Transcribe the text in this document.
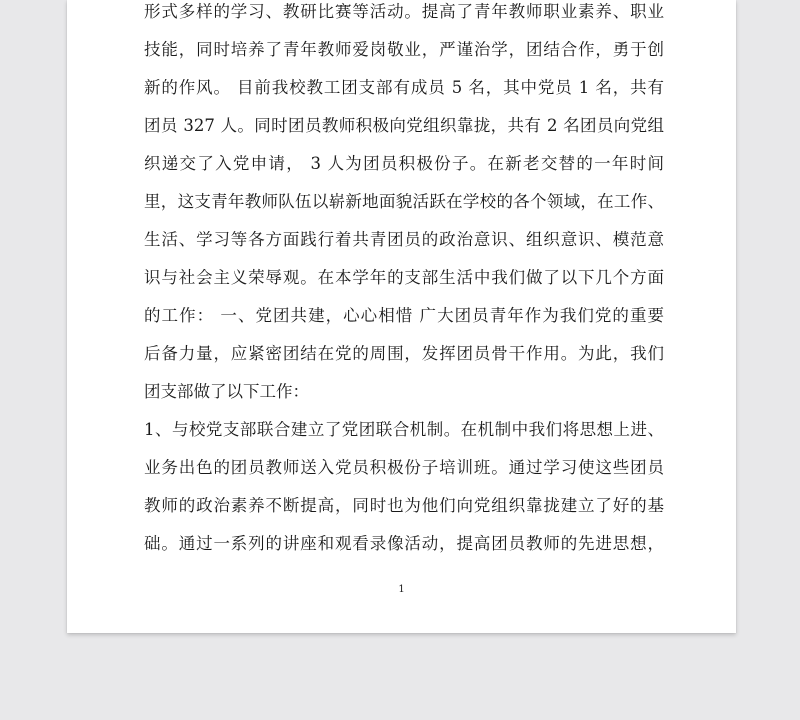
形式多样的学习、教研比赛等活动。提高了青年教师职业素养、职业
技能，同时培养了青年教师爱岗敬业，严谨治学，团结合作，勇于创
新的作风。 目前我校教工团支部有成员 5 名，其中党员 1 名，共有
团员 327 人。同时团员教师积极向党组织靠拢，共有 2 名团员向党组
织递交了入党申请， 3 人为团员积极份子。在新老交替的一年时间
里，这支青年教师队伍以崭新地面貌活跃在学校的各个领域，在工作、
生活、学习等各方面践行着共青团员的政治意识、组织意识、模范意
识与社会主义荣辱观。在本学年的支部生活中我们做了以下几个方面
的工作： 一、党团共建，心心相惜 广大团员青年作为我们党的重要
后备力量，应紧密团结在党的周围，发挥团员骨干作用。为此，我们
团支部做了以下工作：
1、与校党支部联合建立了党团联合机制。在机制中我们将思想上进、
业务出色的团员教师送入党员积极份子培训班。通过学习使这些团员
教师的政治素养不断提高，同时也为他们向党组织靠拢建立了好的基
础。通过一系列的讲座和观看录像活动，提高团员教师的先进思想，
1
